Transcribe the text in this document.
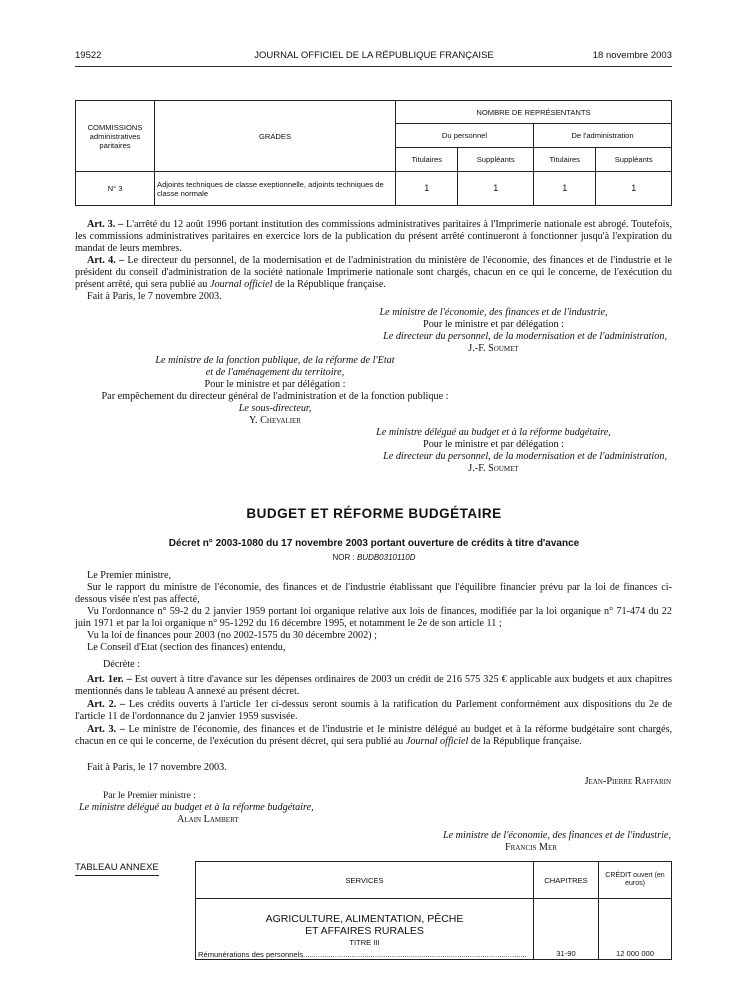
19522	JOURNAL OFFICIEL DE LA RÉPUBLIQUE FRANÇAISE	18 novembre 2003
COMMISSIONS administratives paritaires	GRADES	NOMBRE DE REPRÉSENTANTS			
		Du personnel		De l'administration	
		Titulaires	Suppléants	Titulaires	Suppléants
N° 3	Adjoints techniques de classe exeptionnelle, adjoints techniques de classe normale	1	1	1	1
Art. 3. – L'arrêté du 12 août 1996 portant institution des commissions administratives paritaires à l'Imprimerie nationale est abrogé. Toutefois, les commissions administratives paritaires en exercice lors de la publication du présent arrêté continueront à fonctionner jusqu'à l'expiration du mandat de leurs membres.
Art. 4. – Le directeur du personnel, de la modernisation et de l'administration du ministère de l'économie, des finances et de l'industrie et le président du conseil d'administration de la société nationale Imprimerie nationale sont chargés, chacun en ce qui le concerne, de l'exécution du présent arrêté, qui sera publié au Journal officiel de la République française.
Fait à Paris, le 7 novembre 2003.
Le ministre de l'économie, des finances et de l'industrie,
Pour le ministre et par délégation :
Le directeur du personnel, de la modernisation et de l'administration,
J.-F. Soumet
Le ministre de la fonction publique, de la réforme de l'Etat
et de l'aménagement du territoire,
Pour le ministre et par délégation :
Par empêchement du directeur général de l'administration et de la fonction publique :
Le sous-directeur,
Y. Chevalier
Le ministre délégué au budget et à la réforme budgétaire,
Pour le ministre et par délégation :
Le directeur du personnel, de la modernisation et de l'administration,
J.-F. Soumet
BUDGET ET RÉFORME BUDGÉTAIRE
Décret n° 2003-1080 du 17 novembre 2003 portant ouverture de crédits à titre d'avance
NOR : BUDB0310110D
Le Premier ministre,
Sur le rapport du ministre de l'économie, des finances et de l'industrie établissant que l'équilibre financier prévu par la loi de finances ci-dessous visée n'est pas affecté,
Vu l'ordonnance n° 59-2 du 2 janvier 1959 portant loi organique relative aux lois de finances, modifiée par la loi organique n° 71-474 du 22 juin 1971 et par la loi organique n° 95-1292 du 16 décembre 1995, et notamment le 2e de son article 11 ;
Vu la loi de finances pour 2003 (no 2002-1575 du 30 décembre 2002) ;
Le Conseil d'Etat (section des finances) entendu,
Décrète :
Art. 1er. – Est ouvert à titre d'avance sur les dépenses ordinaires de 2003 un crédit de 216 575 325 € applicable aux budgets et aux chapitres mentionnés dans le tableau A annexé au présent décret.
Art. 2. – Les crédits ouverts à l'article 1er ci-dessus seront soumis à la ratification du Parlement conformément aux dispositions du 2e de l'article 11 de l'ordonnance du 2 janvier 1959 susvisée.
Art. 3. – Le ministre de l'économie, des finances et de l'industrie et le ministre délégué au budget et à la réforme budgétaire sont chargés, chacun en ce qui le concerne, de l'exécution du présent décret, qui sera publié au Journal officiel de la République française.
Fait à Paris, le 17 novembre 2003.
Jean-Pierre Raffarin
Par le Premier ministre :
Le ministre délégué au budget et à la réforme budgétaire,
Alain Lambert
Le ministre de l'économie, des finances et de l'industrie,
Francis Mer
TABLEAU ANNEXE
SERVICES	CHAPITRES	CRÉDIT ouvert (en euros)

AGRICULTURE, ALIMENTATION, PÊCHE
ET AFFAIRES RURALES
TITRE III
Rémunérations des personnels..........................................................................................................	31-90	12 000 000
